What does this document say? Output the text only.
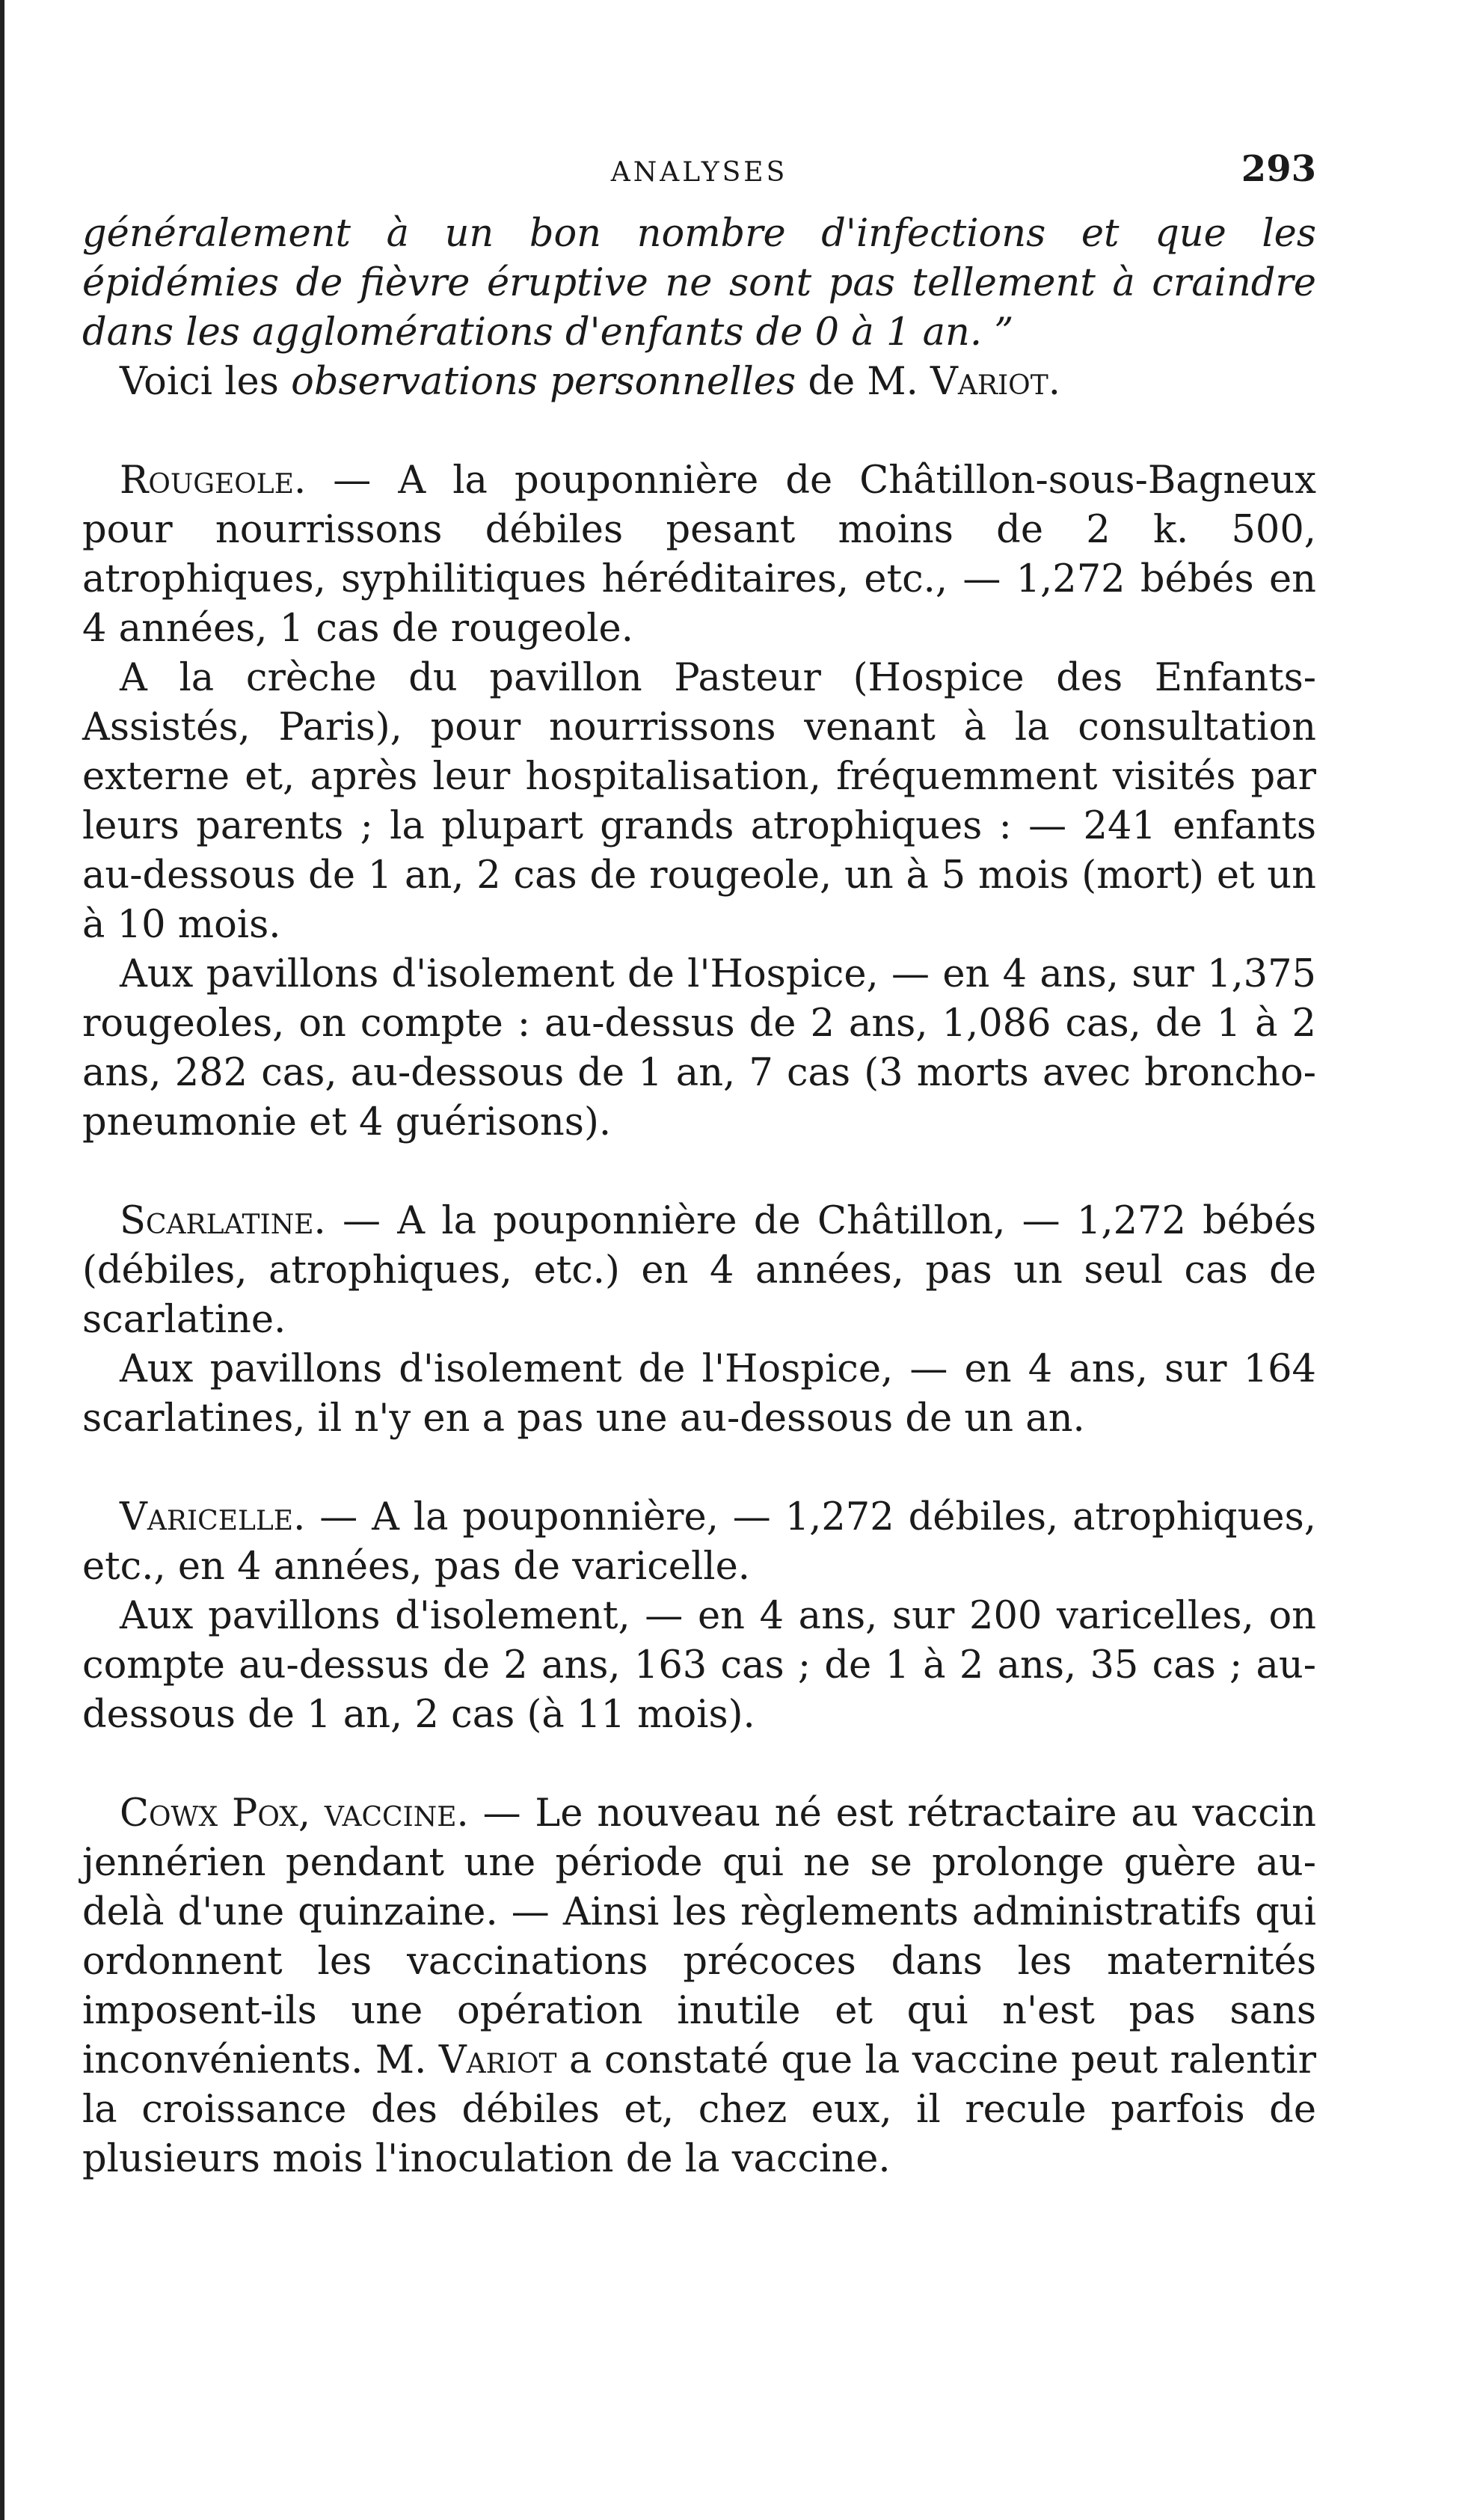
ANALYSES	293

généralement à un bon nombre d'infections et que les épidémies de fièvre éruptive ne sont pas tellement à craindre dans les agglomérations d'enfants de 0 à 1 an. ”

Voici les observations personnelles de M. Variot.

Rougeole. — A la pouponnière de Châtillon-sous-Bagneux pour nourrissons débiles pesant moins de 2 k. 500, atrophiques, syphilitiques héréditaires, etc., — 1,272 bébés en 4 années, 1 cas de rougeole.

A la crèche du pavillon Pasteur (Hospice des Enfants-Assistés, Paris), pour nourrissons venant à la consultation externe et, après leur hospitalisation, fréquemment visités par leurs parents ; la plupart grands atrophiques : — 241 enfants au-dessous de 1 an, 2 cas de rougeole, un à 5 mois (mort) et un à 10 mois.

Aux pavillons d'isolement de l'Hospice, — en 4 ans, sur 1,375 rougeoles, on compte : au-dessus de 2 ans, 1,086 cas, de 1 à 2 ans, 282 cas, au-dessous de 1 an, 7 cas (3 morts avec broncho-pneumonie et 4 guérisons).

Scarlatine. — A la pouponnière de Châtillon, — 1,272 bébés (débiles, atrophiques, etc.) en 4 années, pas un seul cas de scarlatine.

Aux pavillons d'isolement de l'Hospice, — en 4 ans, sur 164 scarlatines, il n'y en a pas une au-dessous de un an.

Varicelle. — A la pouponnière, — 1,272 débiles, atrophiques, etc., en 4 années, pas de varicelle.

Aux pavillons d'isolement, — en 4 ans, sur 200 varicelles, on compte au-dessus de 2 ans, 163 cas ; de 1 à 2 ans, 35 cas ; au-dessous de 1 an, 2 cas (à 11 mois).

Cowx Pox, vaccine. — Le nouveau né est rétractaire au vaccin jennérien pendant une période qui ne se prolonge guère au-delà d'une quinzaine. — Ainsi les règlements administratifs qui ordonnent les vaccinations précoces dans les maternités imposent-ils une opération inutile et qui n'est pas sans inconvénients. M. Variot a constaté que la vaccine peut ralentir la croissance des débiles et, chez eux, il recule parfois de plusieurs mois l'inoculation de la vaccine.
